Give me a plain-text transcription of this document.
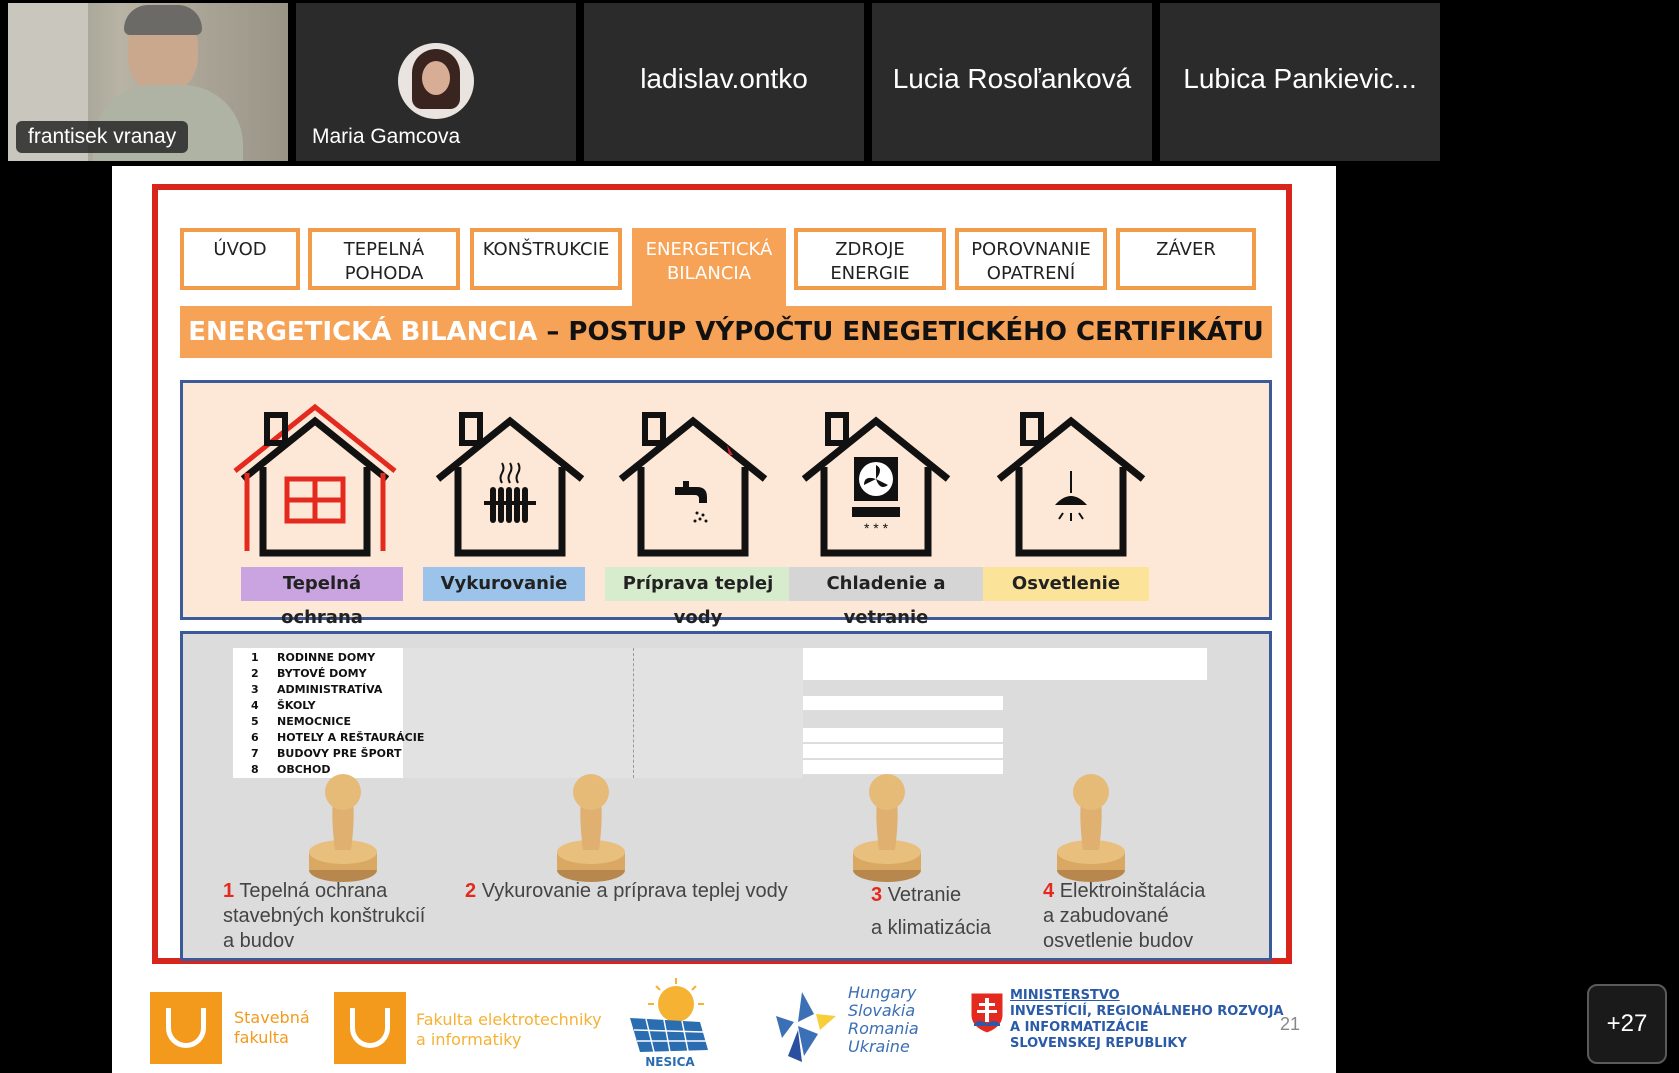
frantisek vranay	Maria Gamcova
ladislav.ontko	Lucia Rosoľanková	Lubica Pankievic...
ÚVOD	TEPELNÁ
POHODA
KONŠTRUKCIE	ENERGETICKÁ
BILANCIA
ZDROJE
ENERGIE
POROVNANIE
OPATRENÍ
ZÁVER
ENERGETICKÁ BILANCIA – POSTUP VÝPOČTU ENEGETICKÉHO CERTIFIKÁTU
Tepelná ochrana
Vykurovanie	Príprava teplej vody
* * *
Chladenie a vetranie
Osvetlenie
1 RODINNE DOMY
2 BYTOVÉ DOMY
3 ADMINISTRATÍVA
4 ŠKOLY
5 NEMOCNICE
6 HOTELY A REŠTAURÁCIE
7 BUDOVY PRE ŠPORT
8 OBCHOD
1 Tepelná ochrana
stavebných konštrukcií
a budov
2 Vykurovanie a príprava teplej vody	3 Vetranie
a klimatizácia
4 Elektroinštalácia
a zabudované
osvetlenie budov
Stavebná
fakulta
Fakulta elektrotechniky
a informatiky
NESICA
Hungary
Slovakia
Romania
Ukraine
MINISTERSTVO
INVESTÍCIÍ, REGIONÁLNEHO ROZVOJA
A INFORMATIZÁCIE
SLOVENSKEJ REPUBLIKY
21	+27
